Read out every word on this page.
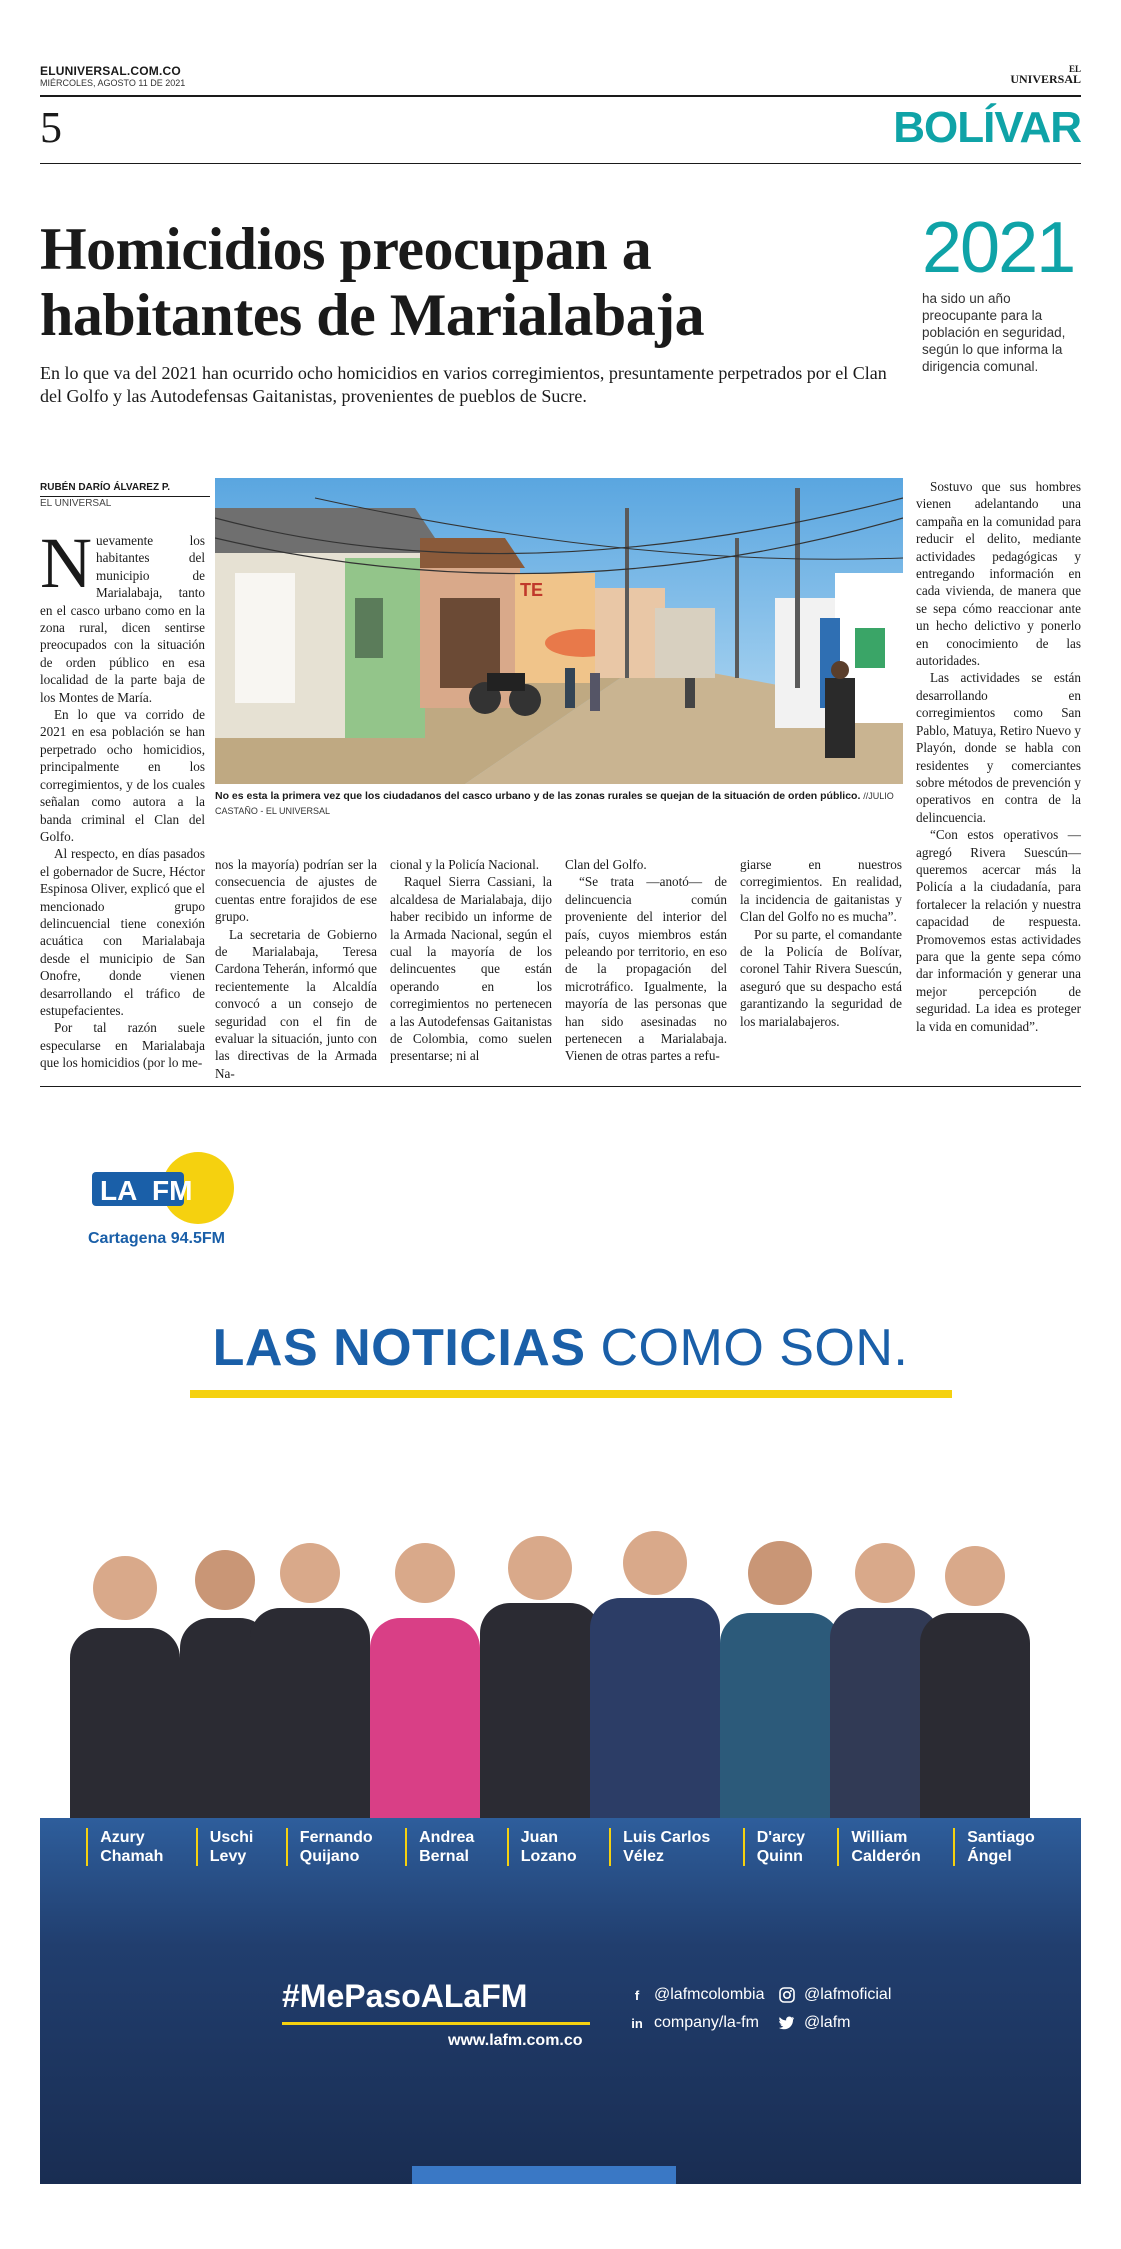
ELUNIVERSAL.COM.CO
MIÉRCOLES, AGOSTO 11 DE 2021
EL
UNIVERSAL
5	BOLÍVAR
Homicidios preocupan a habitantes de Marialabaja
En lo que va del 2021 han ocurrido ocho homicidios en varios corregimientos, presuntamente perpetrados por el Clan del Golfo y las Autodefensas Gaitanistas, provenientes de pueblos de Sucre.
2021
ha sido un año preocupante para la población en seguridad, según lo que informa la dirigencia comunal.
RUBÉN DARÍO ÁLVAREZ P.
EL UNIVERSAL

Nuevamente los habitantes del municipio de Marialabaja, tanto en el casco urbano como en la zona rural, dicen sentirse preocupados con la situación de orden público en esa localidad de la parte baja de los Montes de María.

En lo que va corrido de 2021 en esa población se han perpetrado ocho homicidios, principalmente en los corregimientos, y de los cuales señalan como autora a la banda criminal el Clan del Golfo.

Al respecto, en días pasados el gobernador de Sucre, Héctor Espinosa Oliver, explicó que el mencionado grupo delincuencial tiene conexión acuática con Marialabaja desde el municipio de San Onofre, donde vienen desarrollando el tráfico de estupefacientes.

Por tal razón suele especularse en Marialabaja que los homicidios (por lo me-

TE
No es esta la primera vez que los ciudadanos del casco urbano y de las zonas rurales se quejan de la situación de orden público. //JULIO CASTAÑO - EL UNIVERSAL

nos la mayoría) podrían ser la consecuencia de ajustes de cuentas entre forajidos de ese grupo.

La secretaria de Gobierno de Marialabaja, Teresa Cardona Teherán, informó que recientemente la Alcaldía convocó a un consejo de seguridad con el fin de evaluar la situación, junto con las directivas de la Armada Na-

cional y la Policía Nacional.

Raquel Sierra Cassiani, la alcaldesa de Marialabaja, dijo haber recibido un informe de la Armada Nacional, según el cual la mayoría de los delincuentes que están operando en los corregimientos no pertenecen a las Autodefensas Gaitanistas de Colombia, como suelen presentarse; ni al

Clan del Golfo.

“Se trata —anotó— de delincuencia común proveniente del interior del país, cuyos miembros están peleando por territorio, en eso de la propagación del microtráfico. Igualmente, la mayoría de las personas que han sido asesinadas no pertenecen a Marialabaja. Vienen de otras partes a refu-

giarse en nuestros corregimientos. En realidad, la incidencia de gaitanistas y Clan del Golfo no es mucha”.

Por su parte, el comandante de la Policía de Bolívar, coronel Tahir Rivera Suescún, aseguró que su despacho está garantizando la seguridad de los marialabajeros.

Sostuvo que sus hombres vienen adelantando una campaña en la comunidad para reducir el delito, mediante actividades pedagógicas y entregando información en cada vivienda, de manera que se sepa cómo reaccionar ante un hecho delictivo y ponerlo en conocimiento de las autoridades.

Las actividades se están desarrollando en corregimientos como San Pablo, Matuya, Retiro Nuevo y Playón, donde se habla con residentes y comerciantes sobre métodos de prevención y operativos en contra de la delincuencia.

“Con estos operativos —agregó Rivera Suescún— queremos acercar más la Policía a la ciudadanía, para fortalecer la relación y nuestra capacidad de respuesta. Promovemos estas actividades para que la gente sepa cómo dar información y generar una mejor percepción de seguridad. La idea es proteger la vida en comunidad”.

LA FM
Cartagena 94.5FM
LAS NOTICIAS COMO SON.
Azury
Chamah
Uschi
Levy
Fernando
Quijano
Andrea
Bernal
Juan
Lozano
Luis Carlos
Vélez
D'arcy
Quinn
William
Calderón
Santiago
Ángel
#MePasoALaFM
www.lafm.com.co
f @lafmcolombia @lafmoficial
in company/la-fm	@lafm
